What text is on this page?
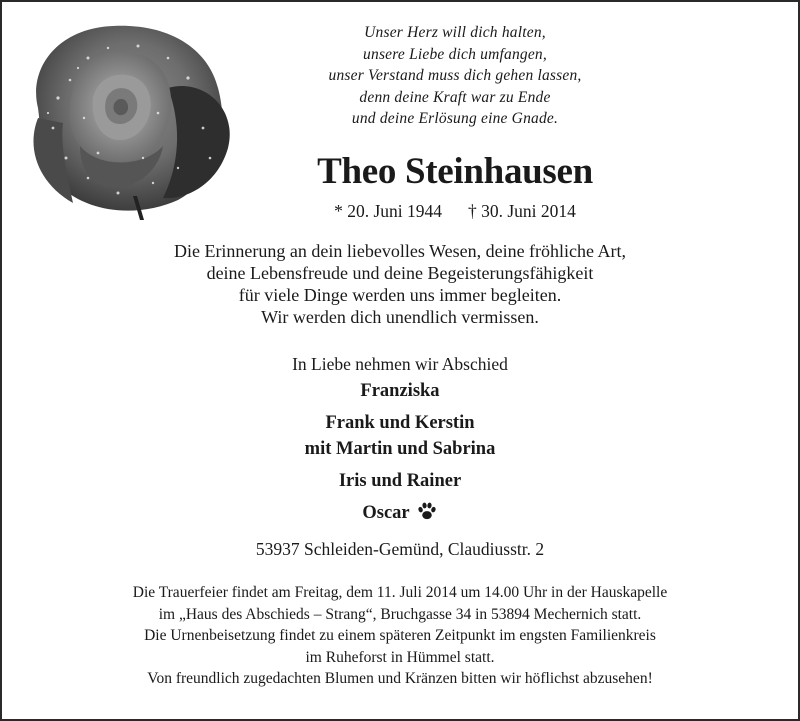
Unser Herz will dich halten,
unsere Liebe dich umfangen,
unser Verstand muss dich gehen lassen,
denn deine Kraft war zu Ende
und deine Erlösung eine Gnade.
Theo Steinhausen
* 20. Juni 1944 † 30. Juni 2014
Die Erinnerung an dein liebevolles Wesen, deine fröhliche Art,
deine Lebensfreude und deine Begeisterungsfähigkeit
für viele Dinge werden uns immer begleiten.
Wir werden dich unendlich vermissen.
In Liebe nehmen wir Abschied
Franziska
Frank und Kerstin
mit Martin und Sabrina
Iris und Rainer
Oscar
53937 Schleiden-Gemünd, Claudiusstr. 2
Die Trauerfeier findet am Freitag, dem 11. Juli 2014 um 14.00 Uhr in der Hauskapelle
im „Haus des Abschieds – Strang“, Bruchgasse 34 in 53894 Mechernich statt.
Die Urnenbeisetzung findet zu einem späteren Zeitpunkt im engsten Familienkreis
im Ruheforst in Hümmel statt.
Von freundlich zugedachten Blumen und Kränzen bitten wir höflichst abzusehen!
